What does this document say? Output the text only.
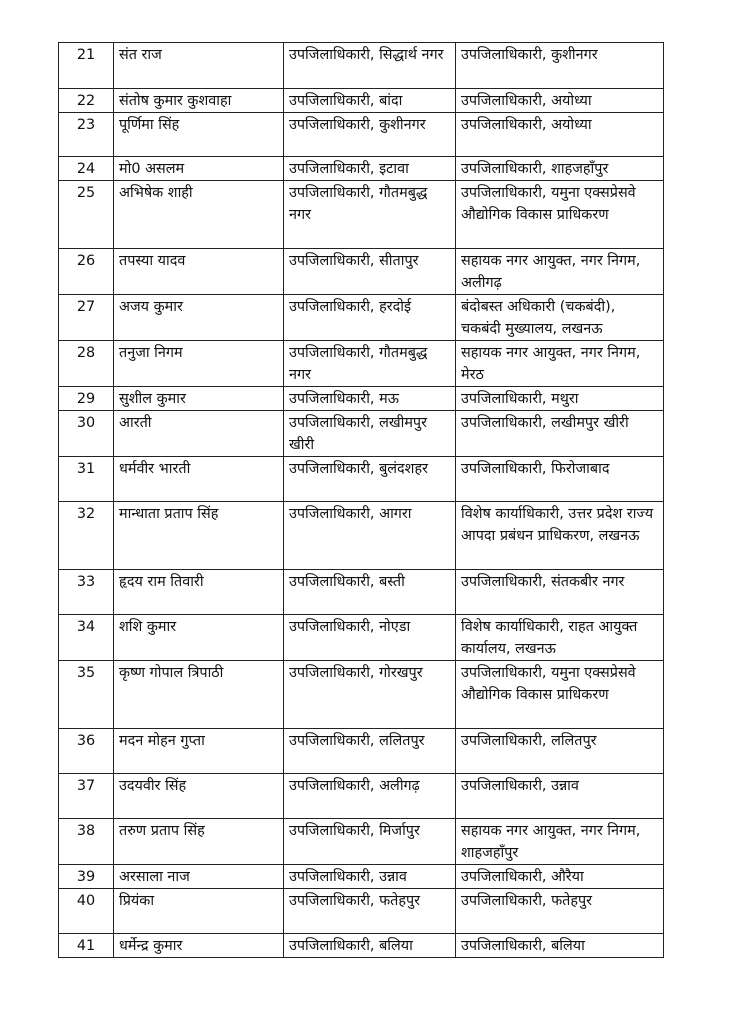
21	संत राज	उपजिलाधिकारी, सिद्धार्थ नगर	उपजिलाधिकारी, कुशीनगर
22	संतोष कुमार कुशवाहा	उपजिलाधिकारी, बांदा	उपजिलाधिकारी, अयोध्या
23	पूर्णिमा सिंह	उपजिलाधिकारी, कुशीनगर	उपजिलाधिकारी, अयोध्या
24	मो0 असलम	उपजिलाधिकारी, इटावा	उपजिलाधिकारी, शाहजहाँपुर
25	अभिषेक शाही	उपजिलाधिकारी, गौतमबुद्ध नगर	उपजिलाधिकारी, यमुना एक्सप्रेसवे औद्योगिक विकास प्राधिकरण
26	तपस्या यादव	उपजिलाधिकारी, सीतापुर	सहायक नगर आयुक्त, नगर निगम, अलीगढ़
27	अजय कुमार	उपजिलाधिकारी, हरदोई	बंदोबस्त अधिकारी (चकबंदी), चकबंदी मुख्यालय, लखनऊ
28	तनुजा निगम	उपजिलाधिकारी, गौतमबुद्ध नगर	सहायक नगर आयुक्त, नगर निगम, मेरठ
29	सुशील कुमार	उपजिलाधिकारी, मऊ	उपजिलाधिकारी, मथुरा
30	आरती	उपजिलाधिकारी, लखीमपुर खीरी	उपजिलाधिकारी, लखीमपुर खीरी
31	धर्मवीर भारती	उपजिलाधिकारी, बुलंदशहर	उपजिलाधिकारी, फिरोजाबाद
32	मान्धाता प्रताप सिंह	उपजिलाधिकारी, आगरा	विशेष कार्याधिकारी, उत्तर प्रदेश राज्य आपदा प्रबंधन प्राधिकरण, लखनऊ
33	हृदय राम तिवारी	उपजिलाधिकारी, बस्ती	उपजिलाधिकारी, संतकबीर नगर
34	शशि कुमार	उपजिलाधिकारी, नोएडा	विशेष कार्याधिकारी, राहत आयुक्त कार्यालय, लखनऊ
35	कृष्ण गोपाल त्रिपाठी	उपजिलाधिकारी, गोरखपुर	उपजिलाधिकारी, यमुना एक्सप्रेसवे औद्योगिक विकास प्राधिकरण
36	मदन मोहन गुप्ता	उपजिलाधिकारी, ललितपुर	उपजिलाधिकारी, ललितपुर
37	उदयवीर सिंह	उपजिलाधिकारी, अलीगढ़	उपजिलाधिकारी, उन्नाव
38	तरुण प्रताप सिंह	उपजिलाधिकारी, मिर्जापुर	सहायक नगर आयुक्त, नगर निगम, शाहजहाँपुर
39	अरसाला नाज	उपजिलाधिकारी, उन्नाव	उपजिलाधिकारी, औरैया
40	प्रियंका	उपजिलाधिकारी, फतेहपुर	उपजिलाधिकारी, फतेहपुर
41	धर्मेन्द्र कुमार	उपजिलाधिकारी, बलिया	उपजिलाधिकारी, बलिया
